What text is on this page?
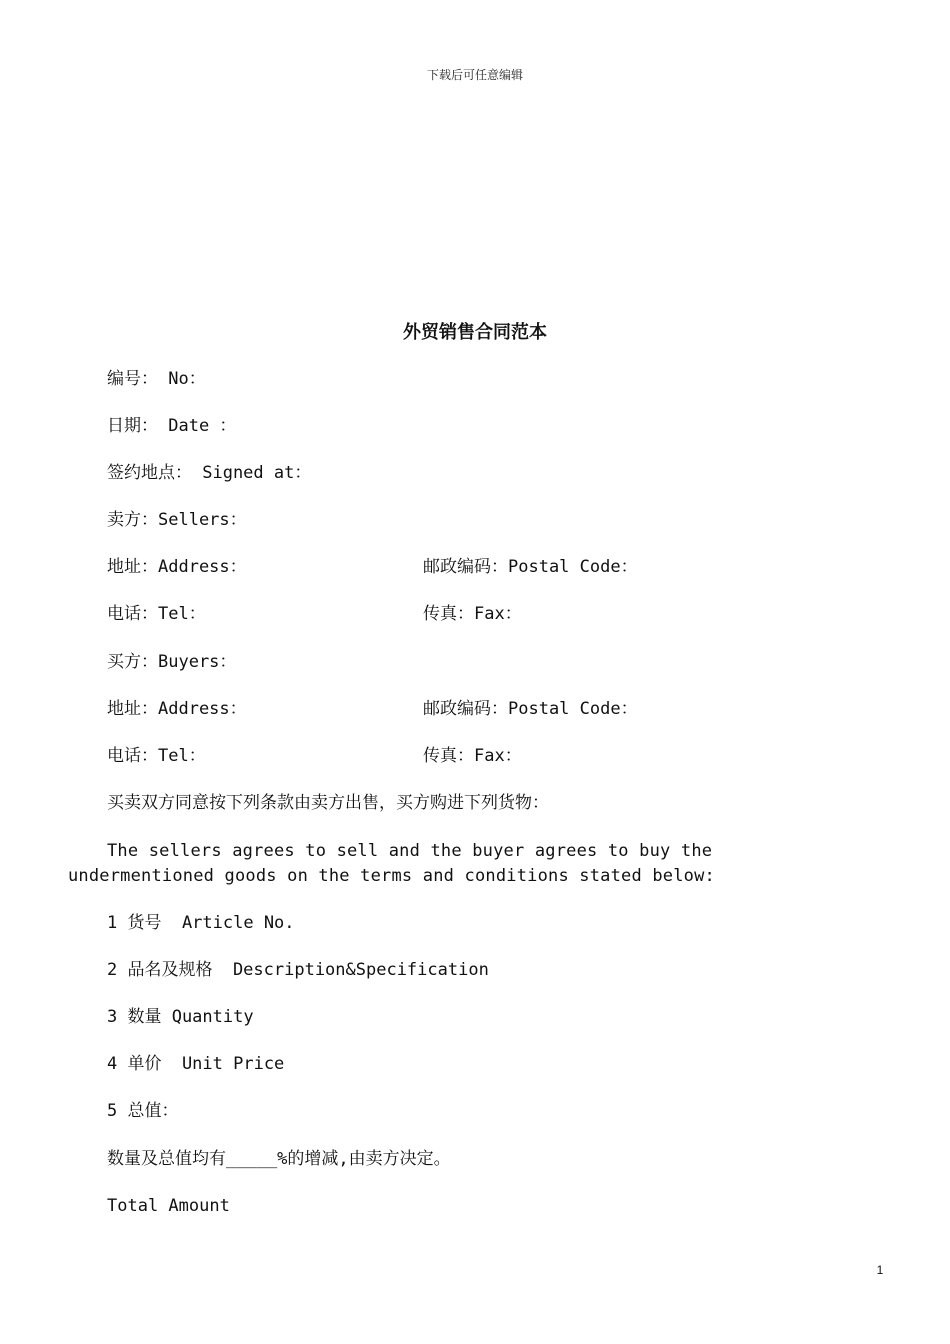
下载后可任意编辑
外贸销售合同范本
编号： No：
日期： Date ：
签约地点： Signed at：
卖方：Sellers：
地址：Address：	邮政编码：Postal Code：
电话：Tel：	传真：Fax：
买方：Buyers：
地址：Address：	邮政编码：Postal Code：
电话：Tel：	传真：Fax：
买卖双方同意按下列条款由卖方出售，买方购进下列货物：
The sellers agrees to sell and the buyer agrees to buy the undermentioned goods on the terms and conditions stated below:
1 货号  Article No.
2 品名及规格  Description&Specification
3 数量 Quantity
4 单价  Unit Price
5 总值：
数量及总值均有_____%的增减,由卖方决定。
Total Amount
1
